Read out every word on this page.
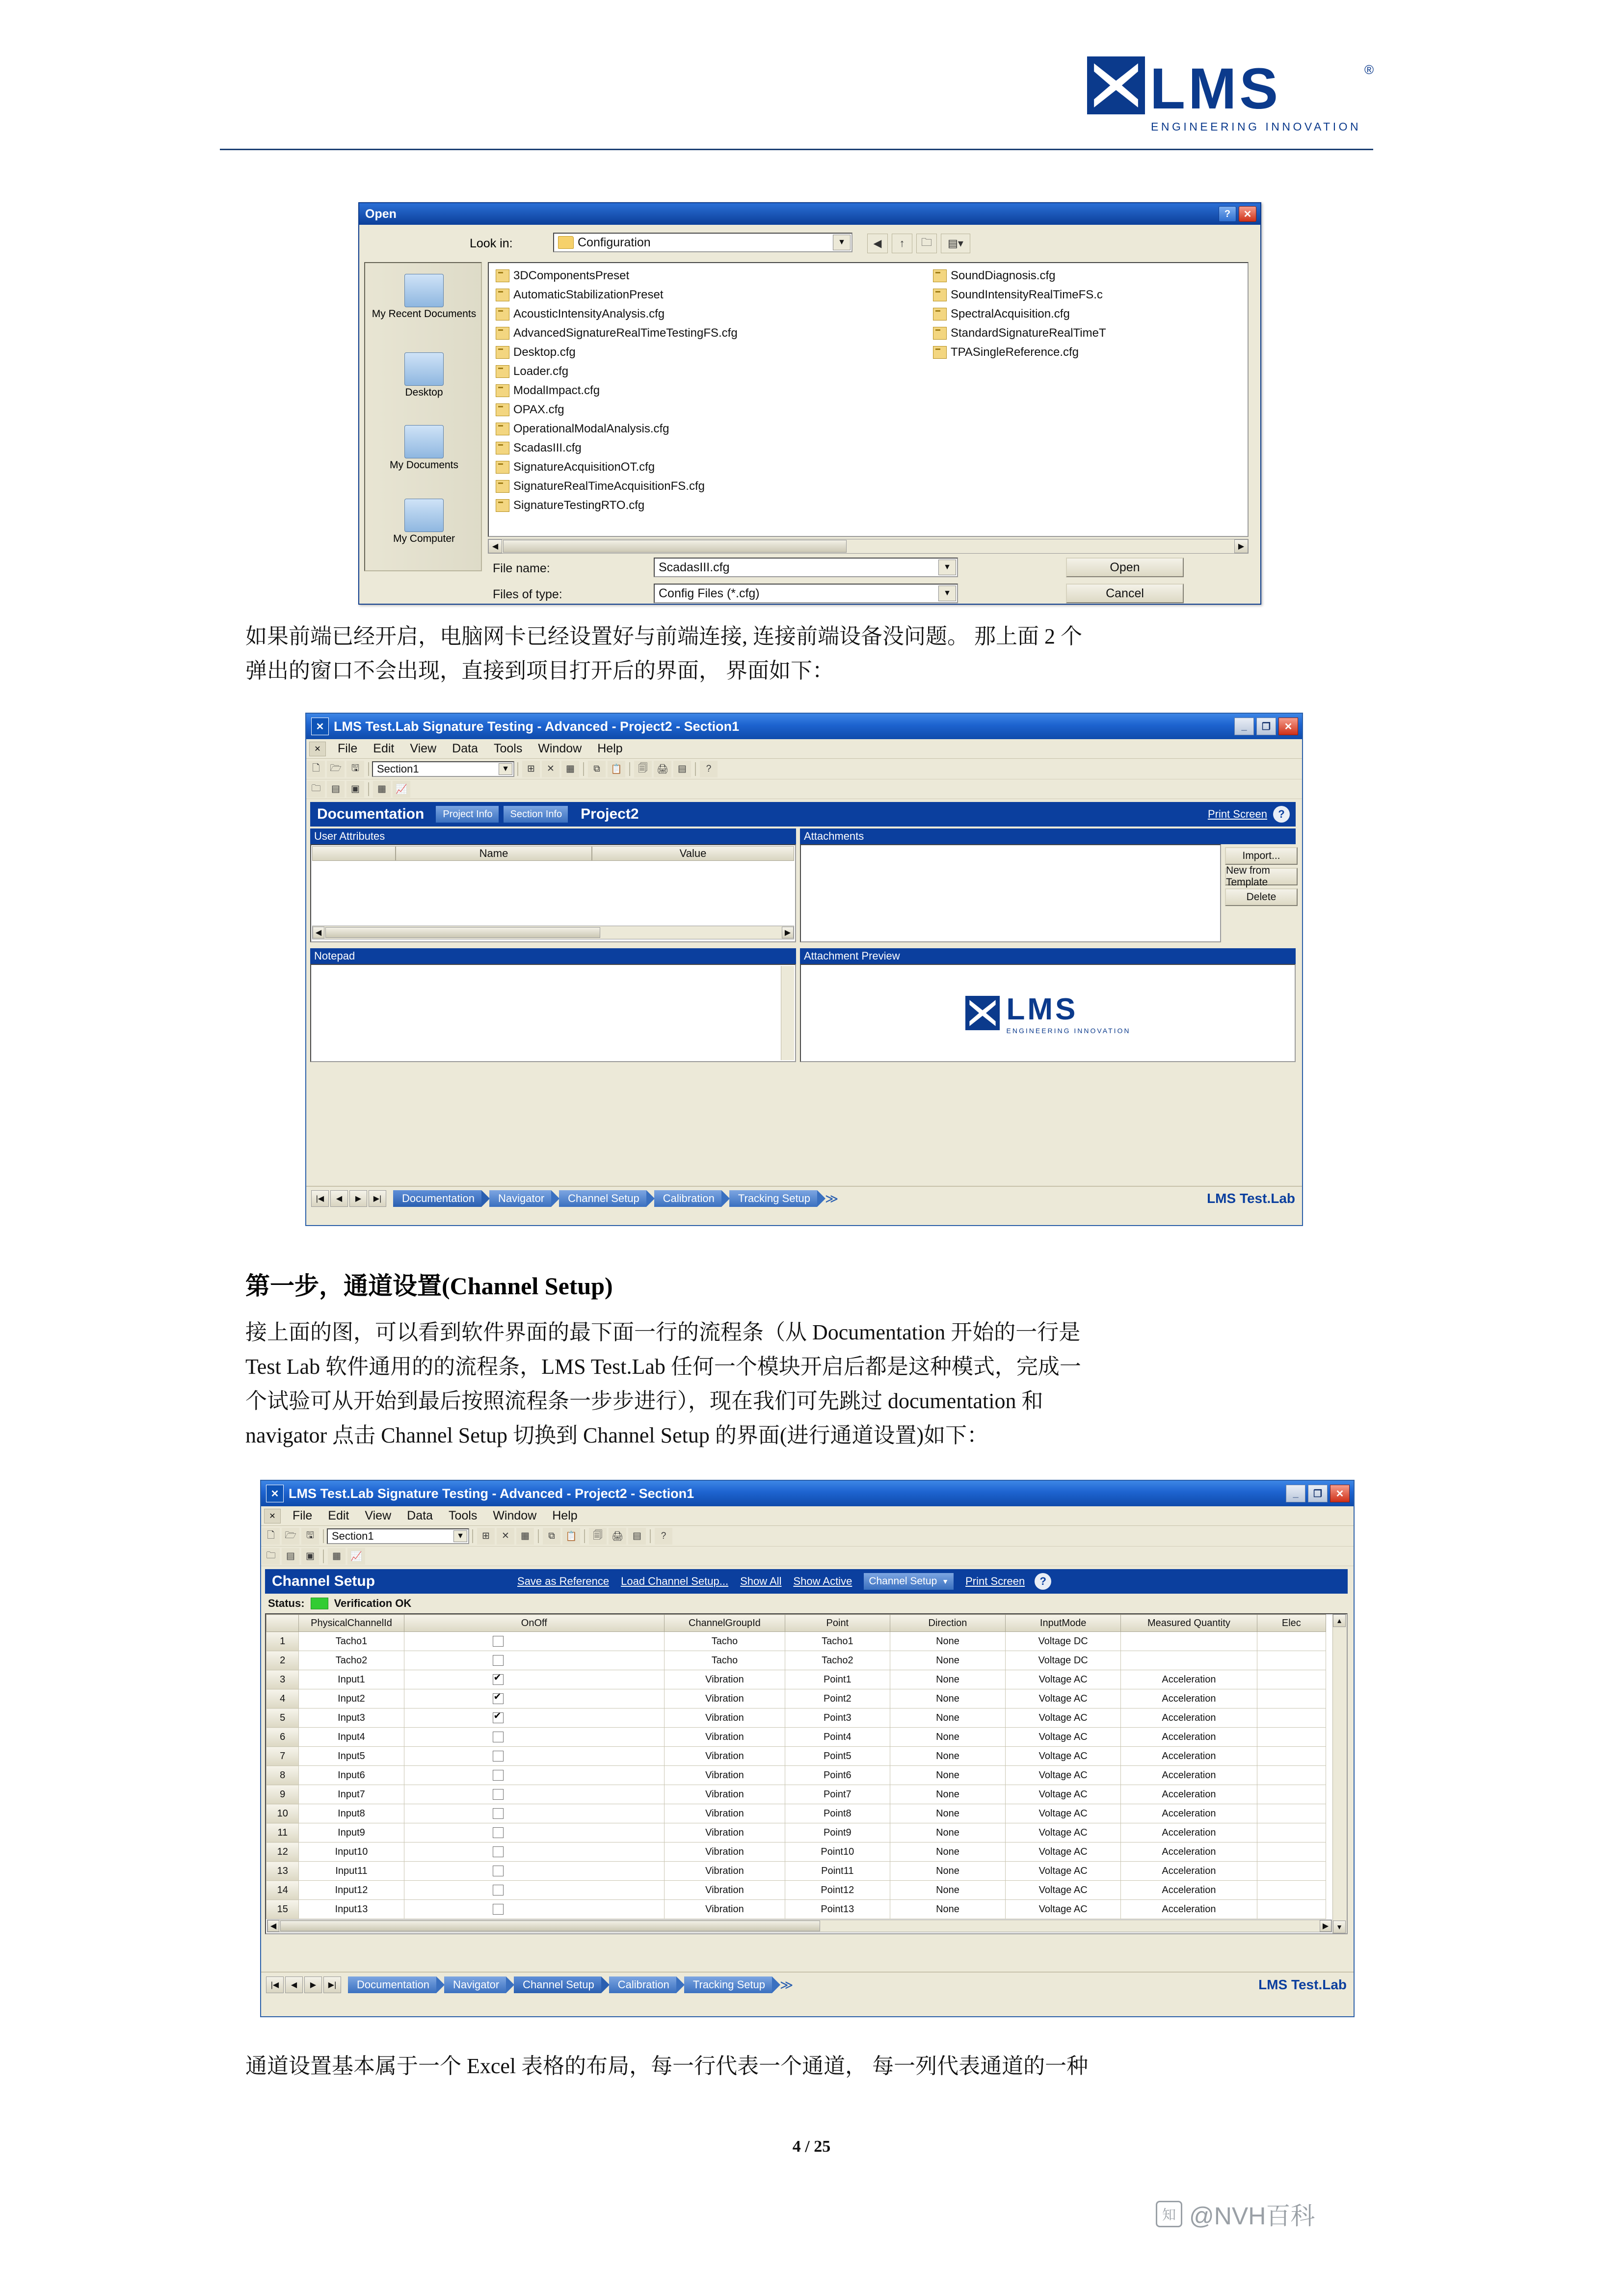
LMS	®
ENGINEERING INNOVATION
Open	?	✕
Look in:	Configuration	▼	◀	↑	🗀	▤▾
My Recent Documents
Desktop
My Documents
My Computer
3DComponentsPreset
AutomaticStabilizationPreset
AcousticIntensityAnalysis.cfg
AdvancedSignatureRealTimeTestingFS.cfg
Desktop.cfg
Loader.cfg
ModalImpact.cfg
OPAX.cfg
OperationalModalAnalysis.cfg
ScadasIII.cfg
SignatureAcquisitionOT.cfg
SignatureRealTimeAcquisitionFS.cfg
SignatureTestingRTO.cfg
SoundDiagnosis.cfg
SoundIntensityRealTimeFS.c
SpectralAcquisition.cfg
StandardSignatureRealTimeT
TPASingleReference.cfg
◀	▶
File name:	ScadasIII.cfg	▼
Files of type:	Config Files (*.cfg)	▼
Open
Cancel
如果前端已经开启，电脑网卡已经设置好与前端连接, 连接前端设备没问题。 那上面 2 个
弹出的窗口不会出现，直接到项目打开后的界面， 界面如下：
✕ LMS Test.Lab Signature Testing - Advanced - Project2 - Section1	_	❐	✕
✕	File	Edit	View	Data	Tools	Window	Help
🗋	🗁	🖫	Section1	▼	⊞	✕	▦	⧉	📋	🗐 🖨 ▤	?
🗀	▤	▣	▦	📈
Documentation Project Info Section Info Project2	Print Screen	?
User Attributes
Name	Value
◀	▶
Attachments
Import...
New from Template
Delete
Notepad	Attachment Preview
LMS
ENGINEERING INNOVATION
|◀	◀	▶	▶|	Documentation Navigator Channel Setup Calibration Tracking Setup ≫	LMS Test.Lab
第一步，通道设置(Channel Setup)
接上面的图，可以看到软件界面的最下面一行的流程条（从 Documentation 开始的一行是
Test Lab 软件通用的的流程条，LMS Test.Lab 任何一个模块开启后都是这种模式，完成一
个试验可从开始到最后按照流程条一步步进行），现在我们可先跳过 documentation 和
navigator 点击 Channel Setup 切换到 Channel Setup 的界面(进行通道设置)如下：
✕ LMS Test.Lab Signature Testing - Advanced - Project2 - Section1	_	❐	✕
✕	File	Edit	View	Data	Tools	Window	Help
🗋	🗁	🖫	Section1	▼	⊞	✕	▦	⧉	📋	🗐 🖨 ▤	?
🗀	▤	▣	▦	📈
Channel Setup	Save as Reference Load Channel Setup... Show All Show Active Channel Setup ▼ Print Screen	?
Status:	Verification OK
	PhysicalChannelId	OnOff	ChannelGroupId	Point	Direction	InputMode	Measured Quantity	Elec
1	Tacho1		Tacho	Tacho1	None	Voltage DC		
2	Tacho2		Tacho	Tacho2	None	Voltage DC		
3	Input1	✔	Vibration	Point1	None	Voltage AC	Acceleration	
4	Input2	✔	Vibration	Point2	None	Voltage AC	Acceleration	
5	Input3	✔	Vibration	Point3	None	Voltage AC	Acceleration	
6	Input4		Vibration	Point4	None	Voltage AC	Acceleration	
7	Input5		Vibration	Point5	None	Voltage AC	Acceleration	
8	Input6		Vibration	Point6	None	Voltage AC	Acceleration	
9	Input7		Vibration	Point7	None	Voltage AC	Acceleration	
10	Input8		Vibration	Point8	None	Voltage AC	Acceleration	
11	Input9		Vibration	Point9	None	Voltage AC	Acceleration	
12	Input10		Vibration	Point10	None	Voltage AC	Acceleration	
13	Input11		Vibration	Point11	None	Voltage AC	Acceleration	
14	Input12		Vibration	Point12	None	Voltage AC	Acceleration	
15	Input13		Vibration	Point13	None	Voltage AC	Acceleration	
▲
▼
◀	▶
|◀	◀	▶	▶|	Documentation Navigator Channel Setup Calibration Tracking Setup ≫	LMS Test.Lab
通道设置基本属于一个 Excel 表格的布局，每一行代表一个通道， 每一列代表通道的一种
4 / 25
知 @NVH百科
